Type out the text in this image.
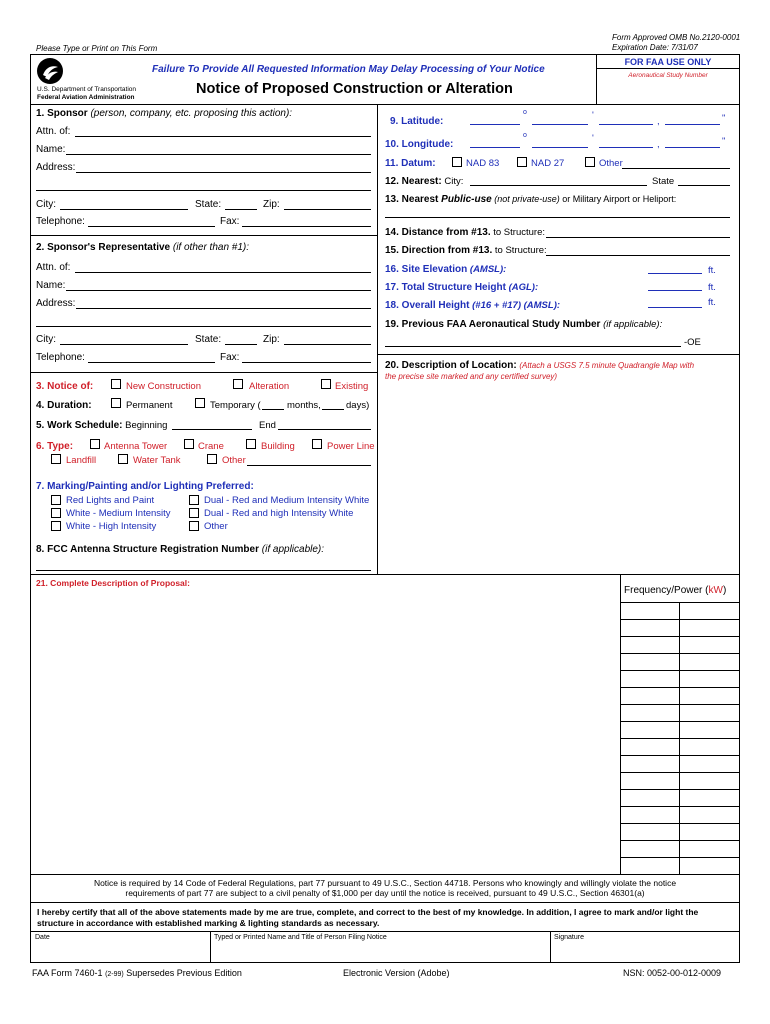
Please Type or Print on This Form
Form Approved OMB No.2120-0001
Expiration Date: 7/31/07
U.S. Department of Transportation
Federal Aviation Administration
Failure To Provide All Requested Information May Delay Processing of Your Notice
Notice of Proposed Construction or Alteration
FOR FAA USE ONLY
Aeronautical Study Number
1. Sponsor (person, company, etc. proposing this action):
Attn. of:
Name:
Address:
City:	State:	Zip:
Telephone:	Fax:
2. Sponsor's Representative (if other than #1):
Attn. of:
Name:
Address:
City:	State:	Zip:
Telephone:	Fax:
3. Notice of:	New Construction	Alteration	Existing
4. Duration:	Permanent	Temporary (	months,	days)
5. Work Schedule: Beginning	End
6. Type:	Antenna Tower	Crane	Building	Power Line
Landfill	Water Tank	Other
7. Marking/Painting and/or Lighting Preferred:
Red Lights and Paint	Dual - Red and Medium Intensity White
White - Medium Intensity	Dual - Red and high Intensity White
White - High Intensity	Other
8. FCC Antenna Structure Registration Number (if applicable):
9. Latitude:
o	'
,	"
10. Longitude:
o	'
,	"
11. Datum:	NAD 83	NAD 27	Other
12. Nearest: City:	State
13. Nearest Public-use (not private-use) or Military Airport or Heliport:
14. Distance from #13. to Structure:
15. Direction from #13. to Structure:
16. Site Elevation (AMSL):	ft.
17. Total Structure Height (AGL):	ft.
18. Overall Height (#16 + #17) (AMSL):	ft.
19. Previous FAA Aeronautical Study Number (if applicable):
-OE
20. Description of Location: (Attach a USGS 7.5 minute Quadrangle Map with
the precise site marked and any certified survey)
21. Complete Description of Proposal:
Frequency/Power (kW)
Notice is required by 14 Code of Federal Regulations, part 77 pursuant to 49 U.S.C., Section 44718. Persons who knowingly and willingly violate the notice
requirements of part 77 are subject to a civil penalty of $1,000 per day until the notice is received, pursuant to 49 U.S.C., Section 46301(a)
I hereby certify that all of the above statements made by me are true, complete, and correct to the best of my knowledge. In addition, I agree to mark and/or light the
structure in accordance with established marking & lighting standards as necessary.
Date	Typed or Printed Name and Title of Person Filing Notice	Signature
FAA Form 7460-1 (2-99) Supersedes Previous Edition	Electronic Version (Adobe)	NSN: 0052-00-012-0009
